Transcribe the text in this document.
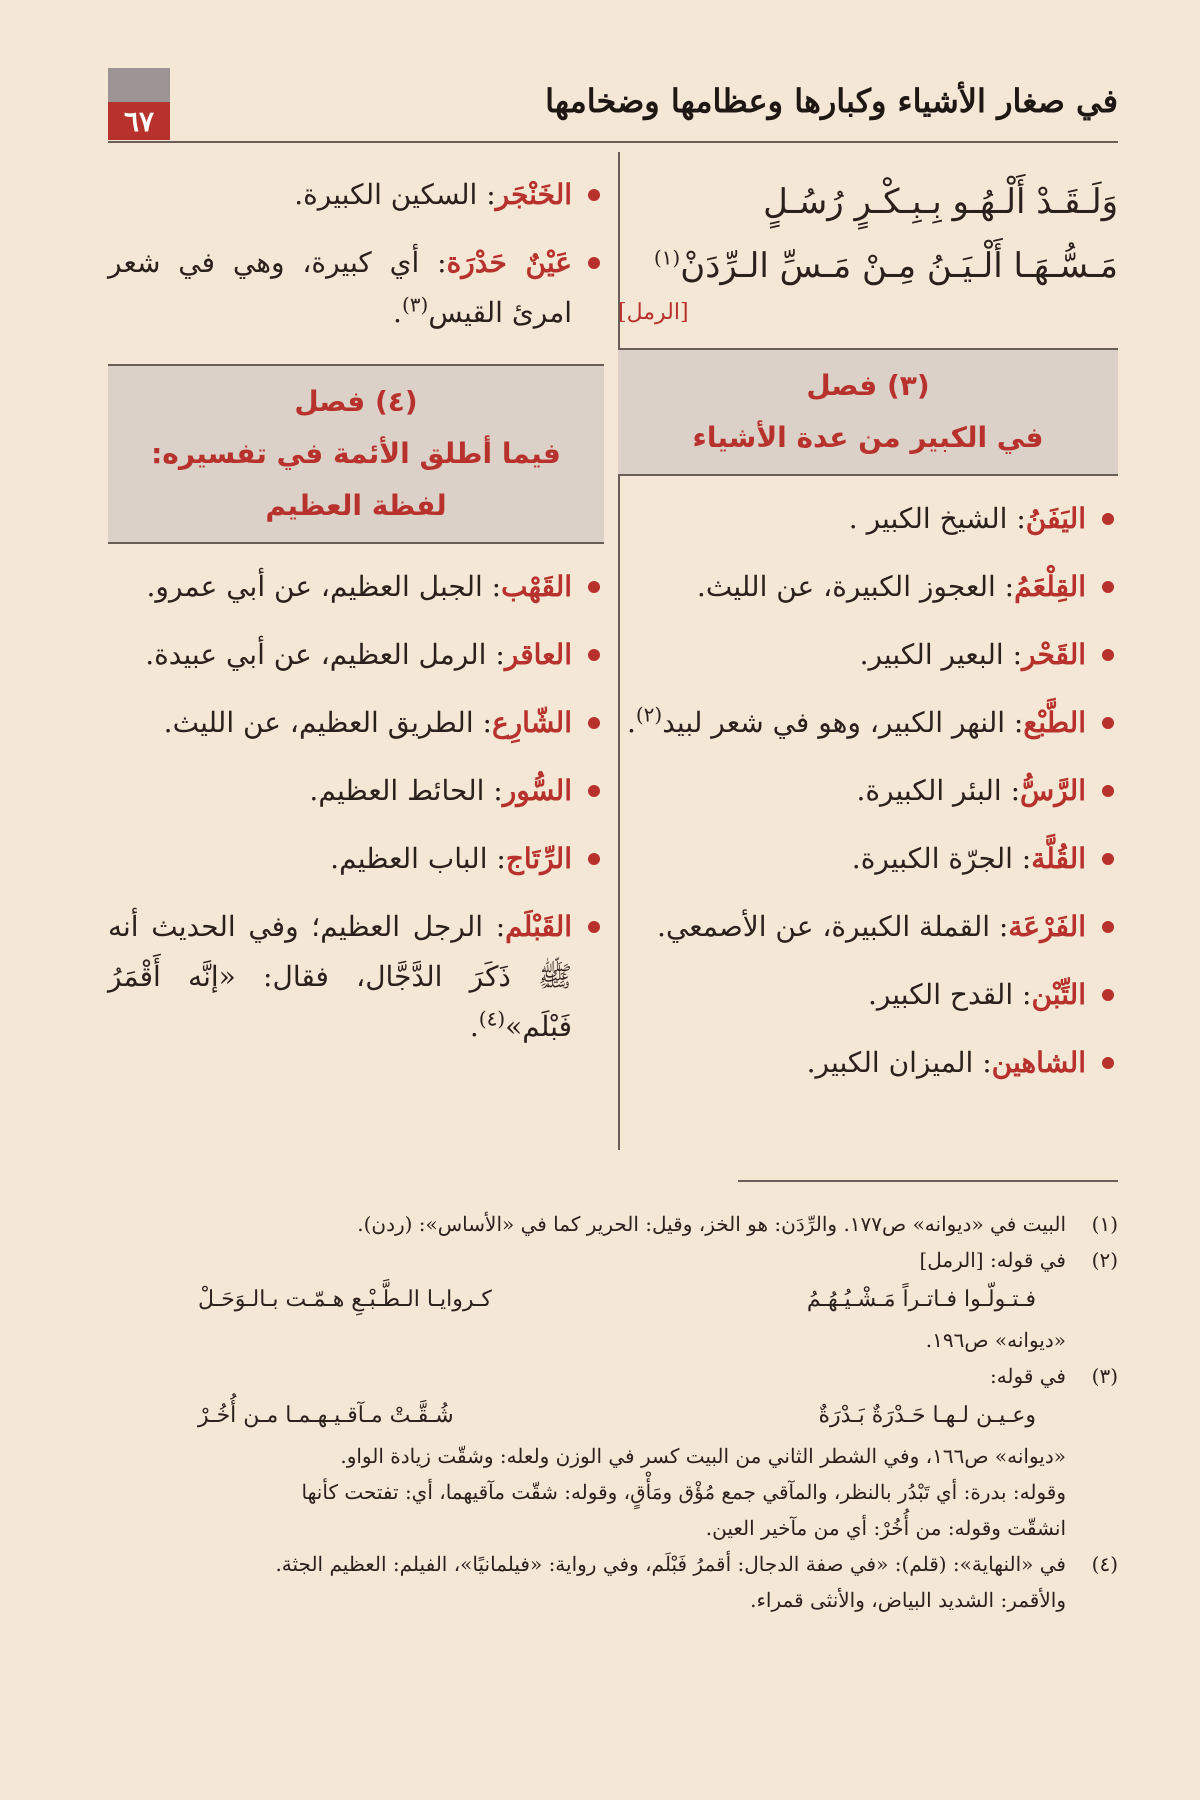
في صغار الأشياء وكبارها وعظامها وضخامها
٦٧
وَلَـقَـدْ أَلْـهُـو بِـبِـكْـرٍ رُسُـلٍ
مَـسُّـهَـا أَلْـيَـنُ مِـنْ مَـسِّ الـرِّدَنْ$^{(١)}$
[الرمل]
(٣) فصل
في الكبير من عدة الأشياء
اليَفَنُ: الشيخ الكبير .
القِلْعَمُ: العجوز الكبيرة، عن الليث.
القَحْر: البعير الكبير.
الطَّبْع: النهر الكبير، وهو في شعر لبيد$^{(٢)}$.
الرَّسُّ: البئر الكبيرة.
القُلَّة: الجرّة الكبيرة.
الفَرْعَة: القملة الكبيرة، عن الأصمعي.
التِّبْن: القدح الكبير.
الشاهين: الميزان الكبير.
الخَنْجَر: السكين الكبيرة.
عَيْنٌ حَدْرَة: أي كبيرة، وهي في شعر امرئ القيس$^{(٣)}$.
(٤) فصل
فيما أطلق الأئمة في تفسيره:
لفظة العظيم
القَهْب: الجبل العظيم، عن أبي عمرو.
العاقر: الرمل العظيم، عن أبي عبيدة.
الشّارِع: الطريق العظيم، عن الليث.
السُّور: الحائط العظيم.
الرِّتَاج: الباب العظيم.
القَبْلَم: الرجل العظيم؛ وفي الحديث أنه ﷺ ذَكَرَ الدَّجَّال، فقال: «إنَّه أَقْمَرُ فَبْلَم»$^{(٤)}$.
(١)
البيت في «ديوانه» ص١٧٧. والرِّدَن: هو الخز، وقيل: الحرير كما في «الأساس»: (ردن).
(٢)
في قوله: [الرمل]
فـتـولّـوا فـاتـراً مَـشْـيُـهُـمُ
كـروايـا الـطَّـبْـعِ هـمّـت بـالـوَحَـلْ
«ديوانه» ص١٩٦.
(٣)
في قوله:
وعـيـن لـهـا حَـدْرَةٌ بَـدْرَةٌ
شُـقَّـتْ مـآقـيـهـمـا مـن أُخُـرْ
«ديوانه» ص١٦٦، وفي الشطر الثاني من البيت كسر في الوزن ولعله: وشقّت زيادة الواو.
وقوله: بدرة: أي تَبْدُر بالنظر، والمآقي جمع مُؤْق ومَأْقٍ، وقوله: شقّت مآقيهما، أي: تفتحت كأنها
انشقّت وقوله: من أُخُرْ: أي من مآخير العين.
(٤)
في «النهاية»: (قلم): «في صفة الدجال: أقمرُ فَبْلَم، وفي رواية: «فيلمانيًا»، الفيلم: العظيم الجثة.
والأقمر: الشديد البياض، والأنثى قمراء.
